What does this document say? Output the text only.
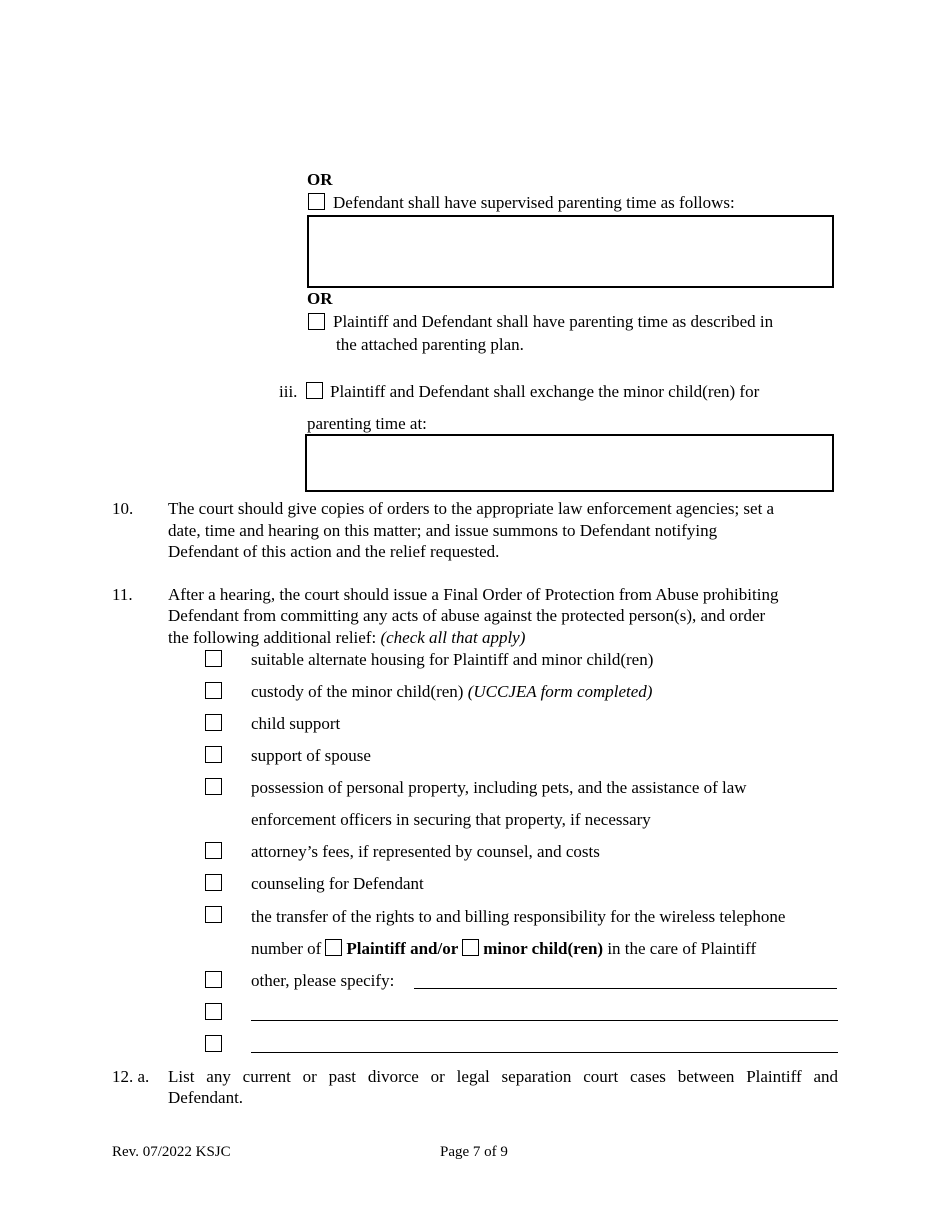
OR
Defendant shall have supervised parenting time as follows:
OR
Plaintiff and Defendant shall have parenting time as described in
the attached parenting plan.
iii. Plaintiff and Defendant shall exchange the minor child(ren) for
parenting time at:
10. The court should give copies of orders to the appropriate law enforcement agencies; set a
date, time and hearing on this matter; and issue summons to Defendant notifying
Defendant of this action and the relief requested.
11. After a hearing, the court should issue a Final Order of Protection from Abuse prohibiting
Defendant from committing any acts of abuse against the protected person(s), and order
the following additional relief: (check all that apply)
suitable alternate housing for Plaintiff and minor child(ren)
custody of the minor child(ren) (UCCJEA form completed)
child support
support of spouse
possession of personal property, including pets, and the assistance of law
enforcement officers in securing that property, if necessary
attorney’s fees, if represented by counsel, and costs
counseling for Defendant
the transfer of the rights to and billing responsibility for the wireless telephone
number of Plaintiff and/or minor child(ren) in the care of Plaintiff
other, please specify:
12. a. List any current or past divorce or legal separation court cases between Plaintiff and
Defendant.
Rev. 07/2022 KSJC	Page 7 of 9
